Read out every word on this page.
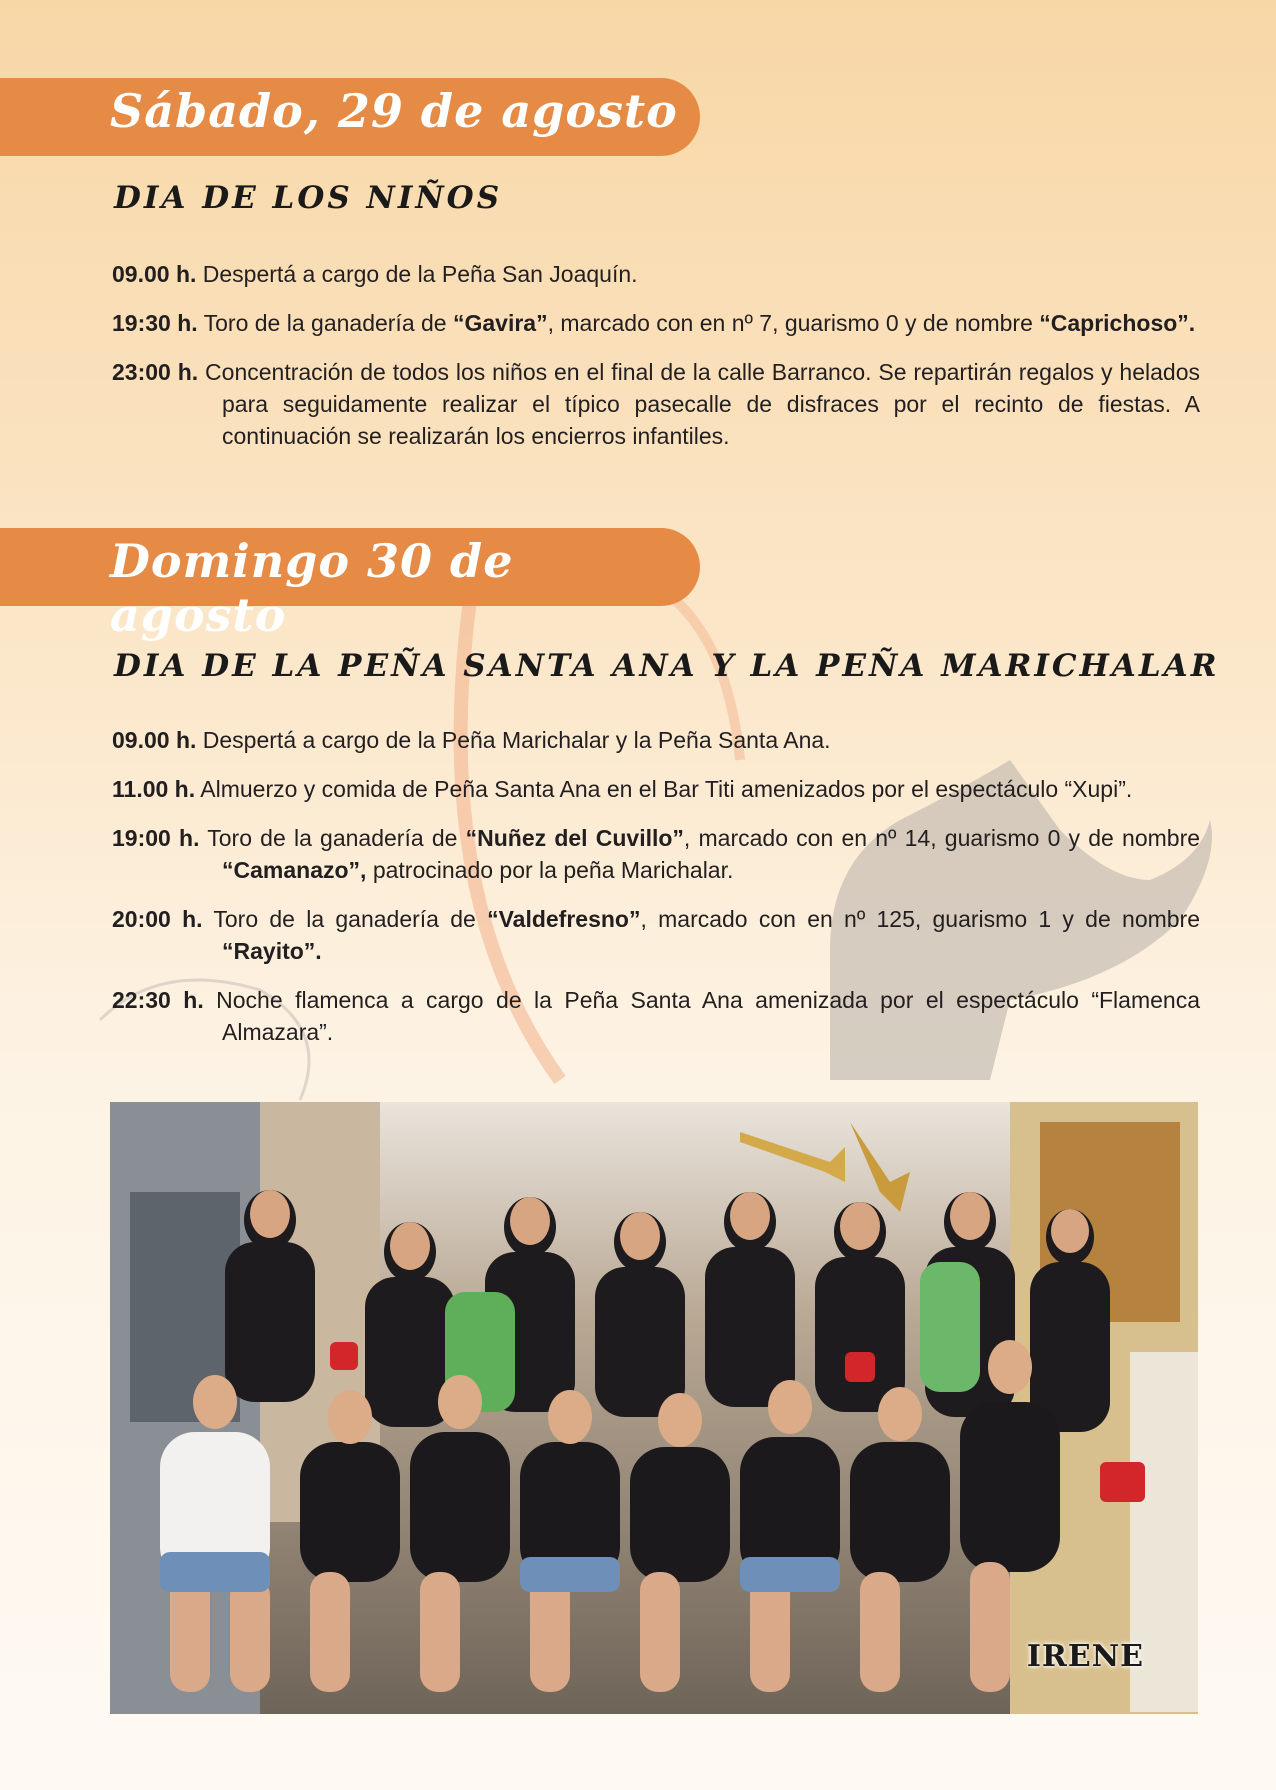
Sábado, 29 de agosto
DIA DE LOS NIÑOS
09.00 h. Despertá a cargo de la Peña San Joaquín.
19:30 h. Toro de la ganadería de “Gavira”, marcado con en nº 7, guarismo 0 y de nombre “Caprichoso”.
23:00 h. Concentración de todos los niños en el final de la calle Barranco. Se repartirán regalos y helados para seguidamente realizar el típico pasecalle de disfraces por el recinto de fiestas. A continuación se realizarán los encierros infantiles.
Domingo 30 de agosto
DIA DE LA PEÑA SANTA ANA Y LA PEÑA MARICHALAR
09.00 h. Despertá a cargo de la Peña Marichalar y la Peña Santa Ana.
11.00 h. Almuerzo y comida de Peña Santa Ana en el Bar Titi amenizados por el espectáculo “Xupi”.
19:00 h. Toro de la ganadería de “Nuñez del Cuvillo”, marcado con en nº 14, guarismo 0 y de nombre “Camanazo”, patrocinado por la peña Marichalar.
20:00 h. Toro de la ganadería de “Valdefresno”, marcado con en nº 125, guarismo 1 y de nombre “Rayito”.
22:30 h. Noche flamenca a cargo de la Peña Santa Ana amenizada por el espectáculo “Flamenca Almazara”.
IRENE
